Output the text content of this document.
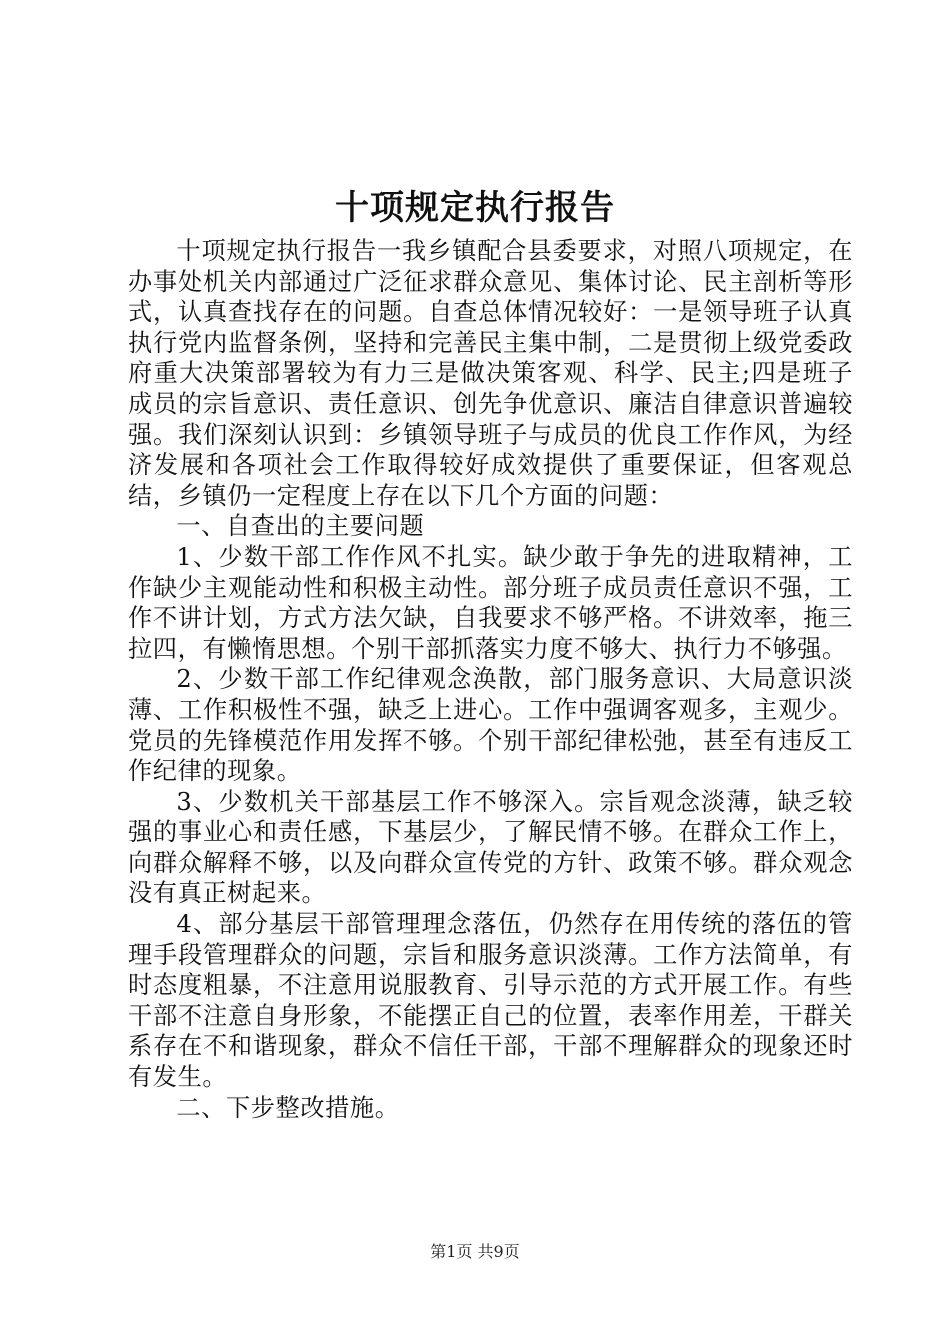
十项规定执行报告

十项规定执行报告一我乡镇配合县委要求，对照八项规定，在办事处机关内部通过广泛征求群众意见、集体讨论、民主剖析等形式，认真查找存在的问题。自查总体情况较好：一是领导班子认真执行党内监督条例，坚持和完善民主集中制，二是贯彻上级党委政府重大决策部署较为有力三是做决策客观、科学、民主;四是班子成员的宗旨意识、责任意识、创先争优意识、廉洁自律意识普遍较强。我们深刻认识到：乡镇领导班子与成员的优良工作作风，为经济发展和各项社会工作取得较好成效提供了重要保证，但客观总结，乡镇仍一定程度上存在以下几个方面的问题：

一、自查出的主要问题

1、少数干部工作作风不扎实。缺少敢于争先的进取精神，工作缺少主观能动性和积极主动性。部分班子成员责任意识不强，工作不讲计划，方式方法欠缺，自我要求不够严格。不讲效率，拖三拉四，有懒惰思想。个别干部抓落实力度不够大、执行力不够强。

2、少数干部工作纪律观念涣散，部门服务意识、大局意识淡薄、工作积极性不强，缺乏上进心。工作中强调客观多，主观少。党员的先锋模范作用发挥不够。个别干部纪律松弛，甚至有违反工作纪律的现象。

3、少数机关干部基层工作不够深入。宗旨观念淡薄，缺乏较强的事业心和责任感，下基层少，了解民情不够。在群众工作上，向群众解释不够，以及向群众宣传党的方针、政策不够。群众观念没有真正树起来。

4、部分基层干部管理理念落伍，仍然存在用传统的落伍的管理手段管理群众的问题，宗旨和服务意识淡薄。工作方法简单，有时态度粗暴，不注意用说服教育、引导示范的方式开展工作。有些干部不注意自身形象，不能摆正自己的位置，表率作用差，干群关系存在不和谐现象，群众不信任干部，干部不理解群众的现象还时有发生。

二、下步整改措施。

第1页 共9页
